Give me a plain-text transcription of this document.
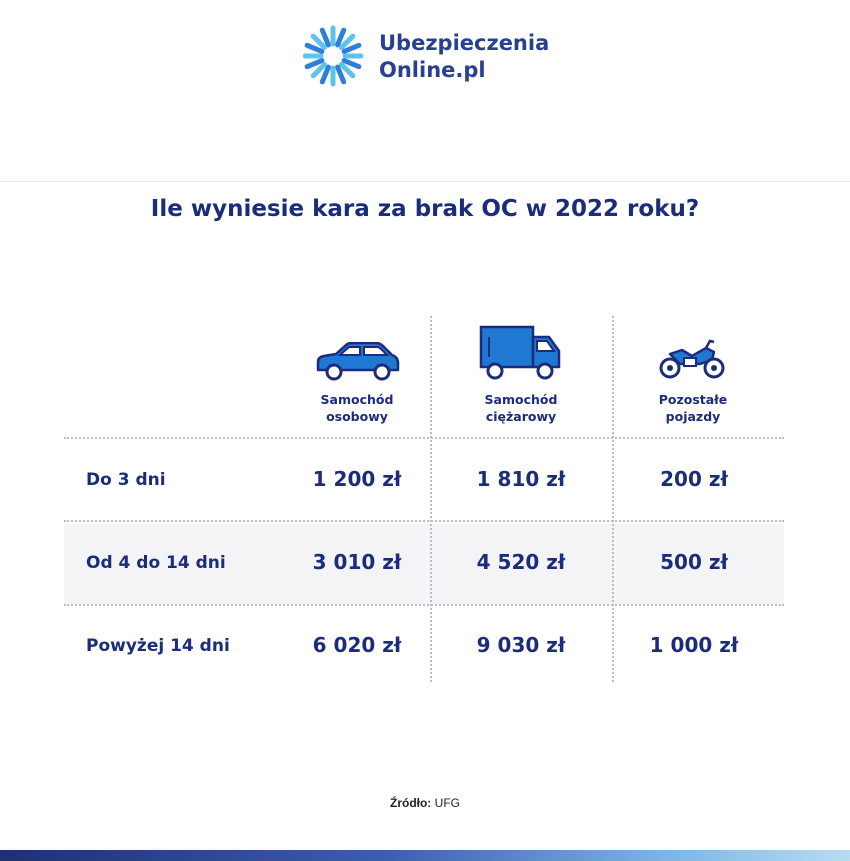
Ubezpieczenia
Online.pl
Ile wyniesie kara za brak OC w 2022 roku?
Samochód
osobowy
Samochód
ciężarowy
Pozostałe
pojazdy
Do 3 dni	1 200 zł	1 810 zł	200 zł
Od 4 do 14 dni	3 010 zł	4 520 zł	500 zł
Powyżej 14 dni	6 020 zł	9 030 zł	1 000 zł
Źródło: UFG
